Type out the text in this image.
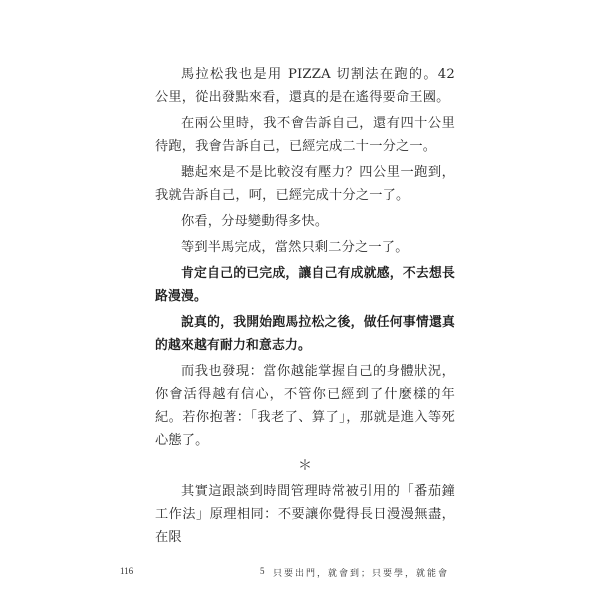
馬拉松我也是用 PIZZA 切割法在跑的。42 公里，從出發點來看，還真的是在遙得要命王國。

在兩公里時，我不會告訴自己，還有四十公里待跑，我會告訴自己，已經完成二十一分之一。

聽起來是不是比較沒有壓力？四公里一跑到，我就告訴自己，呵，已經完成十分之一了。

你看，分母變動得多快。

等到半馬完成，當然只剩二分之一了。

肯定自己的已完成，讓自己有成就感，不去想長路漫漫。

說真的，我開始跑馬拉松之後，做任何事情還真的越來越有耐力和意志力。

而我也發現：當你越能掌握自己的身體狀況，你會活得越有信心，不管你已經到了什麼樣的年紀。若你抱著：「我老了、算了」，那就是進入等死心態了。

＊

其實這跟談到時間管理時常被引用的「番茄鐘工作法」原理相同：不要讓你覺得長日漫漫無盡，在限

116	5 只要出門，就會到；只要學，就能會
